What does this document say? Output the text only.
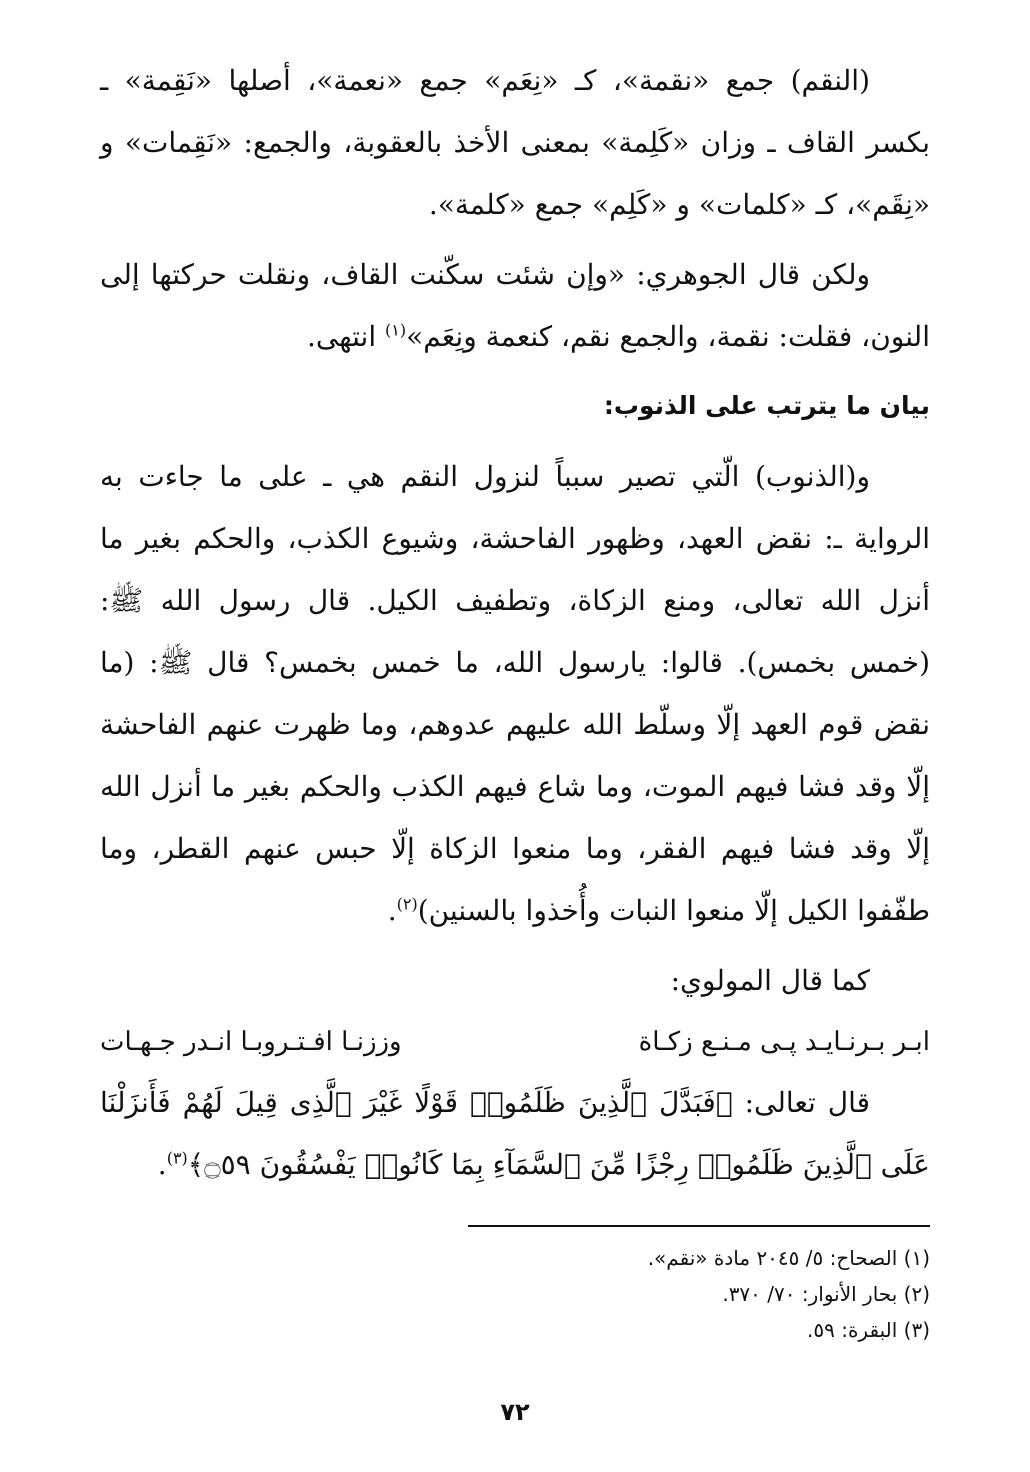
(النقم) جمع «نقمة»، كـ «نِعَم» جمع «نعمة»، أصلها «نَقِمة» ـ بكسر القاف ـ وزان «كَلِمة» بمعنى الأخذ بالعقوبة، والجمع: «نَقِمات» و «نِقَم»، كـ «كلمات» و «كَلِم» جمع «كلمة».

ولكن قال الجوهري: «وإن شئت سكّنت القاف، ونقلت حركتها إلى النون، فقلت: نقمة، والجمع نقم، كنعمة ونِعَم»$^{(١)}$ انتهى.

بيان ما يترتب على الذنوب:

و(الذنوب) الّتي تصير سبباً لنزول النقم هي ـ على ما جاءت به الرواية ـ: نقض العهد، وظهور الفاحشة، وشيوع الكذب، والحكم بغير ما أنزل الله تعالى، ومنع الزكاة، وتطفيف الكيل. قال رسول الله ﷺ: (خمس بخمس). قالوا: يارسول الله، ما خمس بخمس؟ قال ﷺ: (ما نقض قوم العهد إلّا وسلّط الله عليهم عدوهم، وما ظهرت عنهم الفاحشة إلّا وقد فشا فيهم الموت، وما شاع فيهم الكذب والحكم بغير ما أنزل الله إلّا وقد فشا فيهم الفقر، وما منعوا الزكاة إلّا حبس عنهم القطر، وما طفّفوا الكيل إلّا منعوا النبات وأُخذوا بالسنين)$^{(٢)}$.

كما قال المولوي:

ابـر بـرنـايـد پـى مـنـع زكـاة
وززنـا افـتـروبـا انـدر جـهـات

قال تعالى: ﴿فَبَدَّلَ ٱلَّذِينَ ظَلَمُوا۟ قَوْلًا غَيْرَ ٱلَّذِى قِيلَ لَهُمْ فَأَنزَلْنَا عَلَى ٱلَّذِينَ ظَلَمُوا۟ رِجْزًا مِّنَ ٱلسَّمَآءِ بِمَا كَانُوا۟ يَفْسُقُونَ ۝٥٩﴾$^{(٣)}$.

(١) الصحاح: ٥/ ٢٠٤٥ مادة «نقم».

(٢) بحار الأنوار: ٧٠/ ٣٧٠.

(٣) البقرة: ٥٩.

٧٢
